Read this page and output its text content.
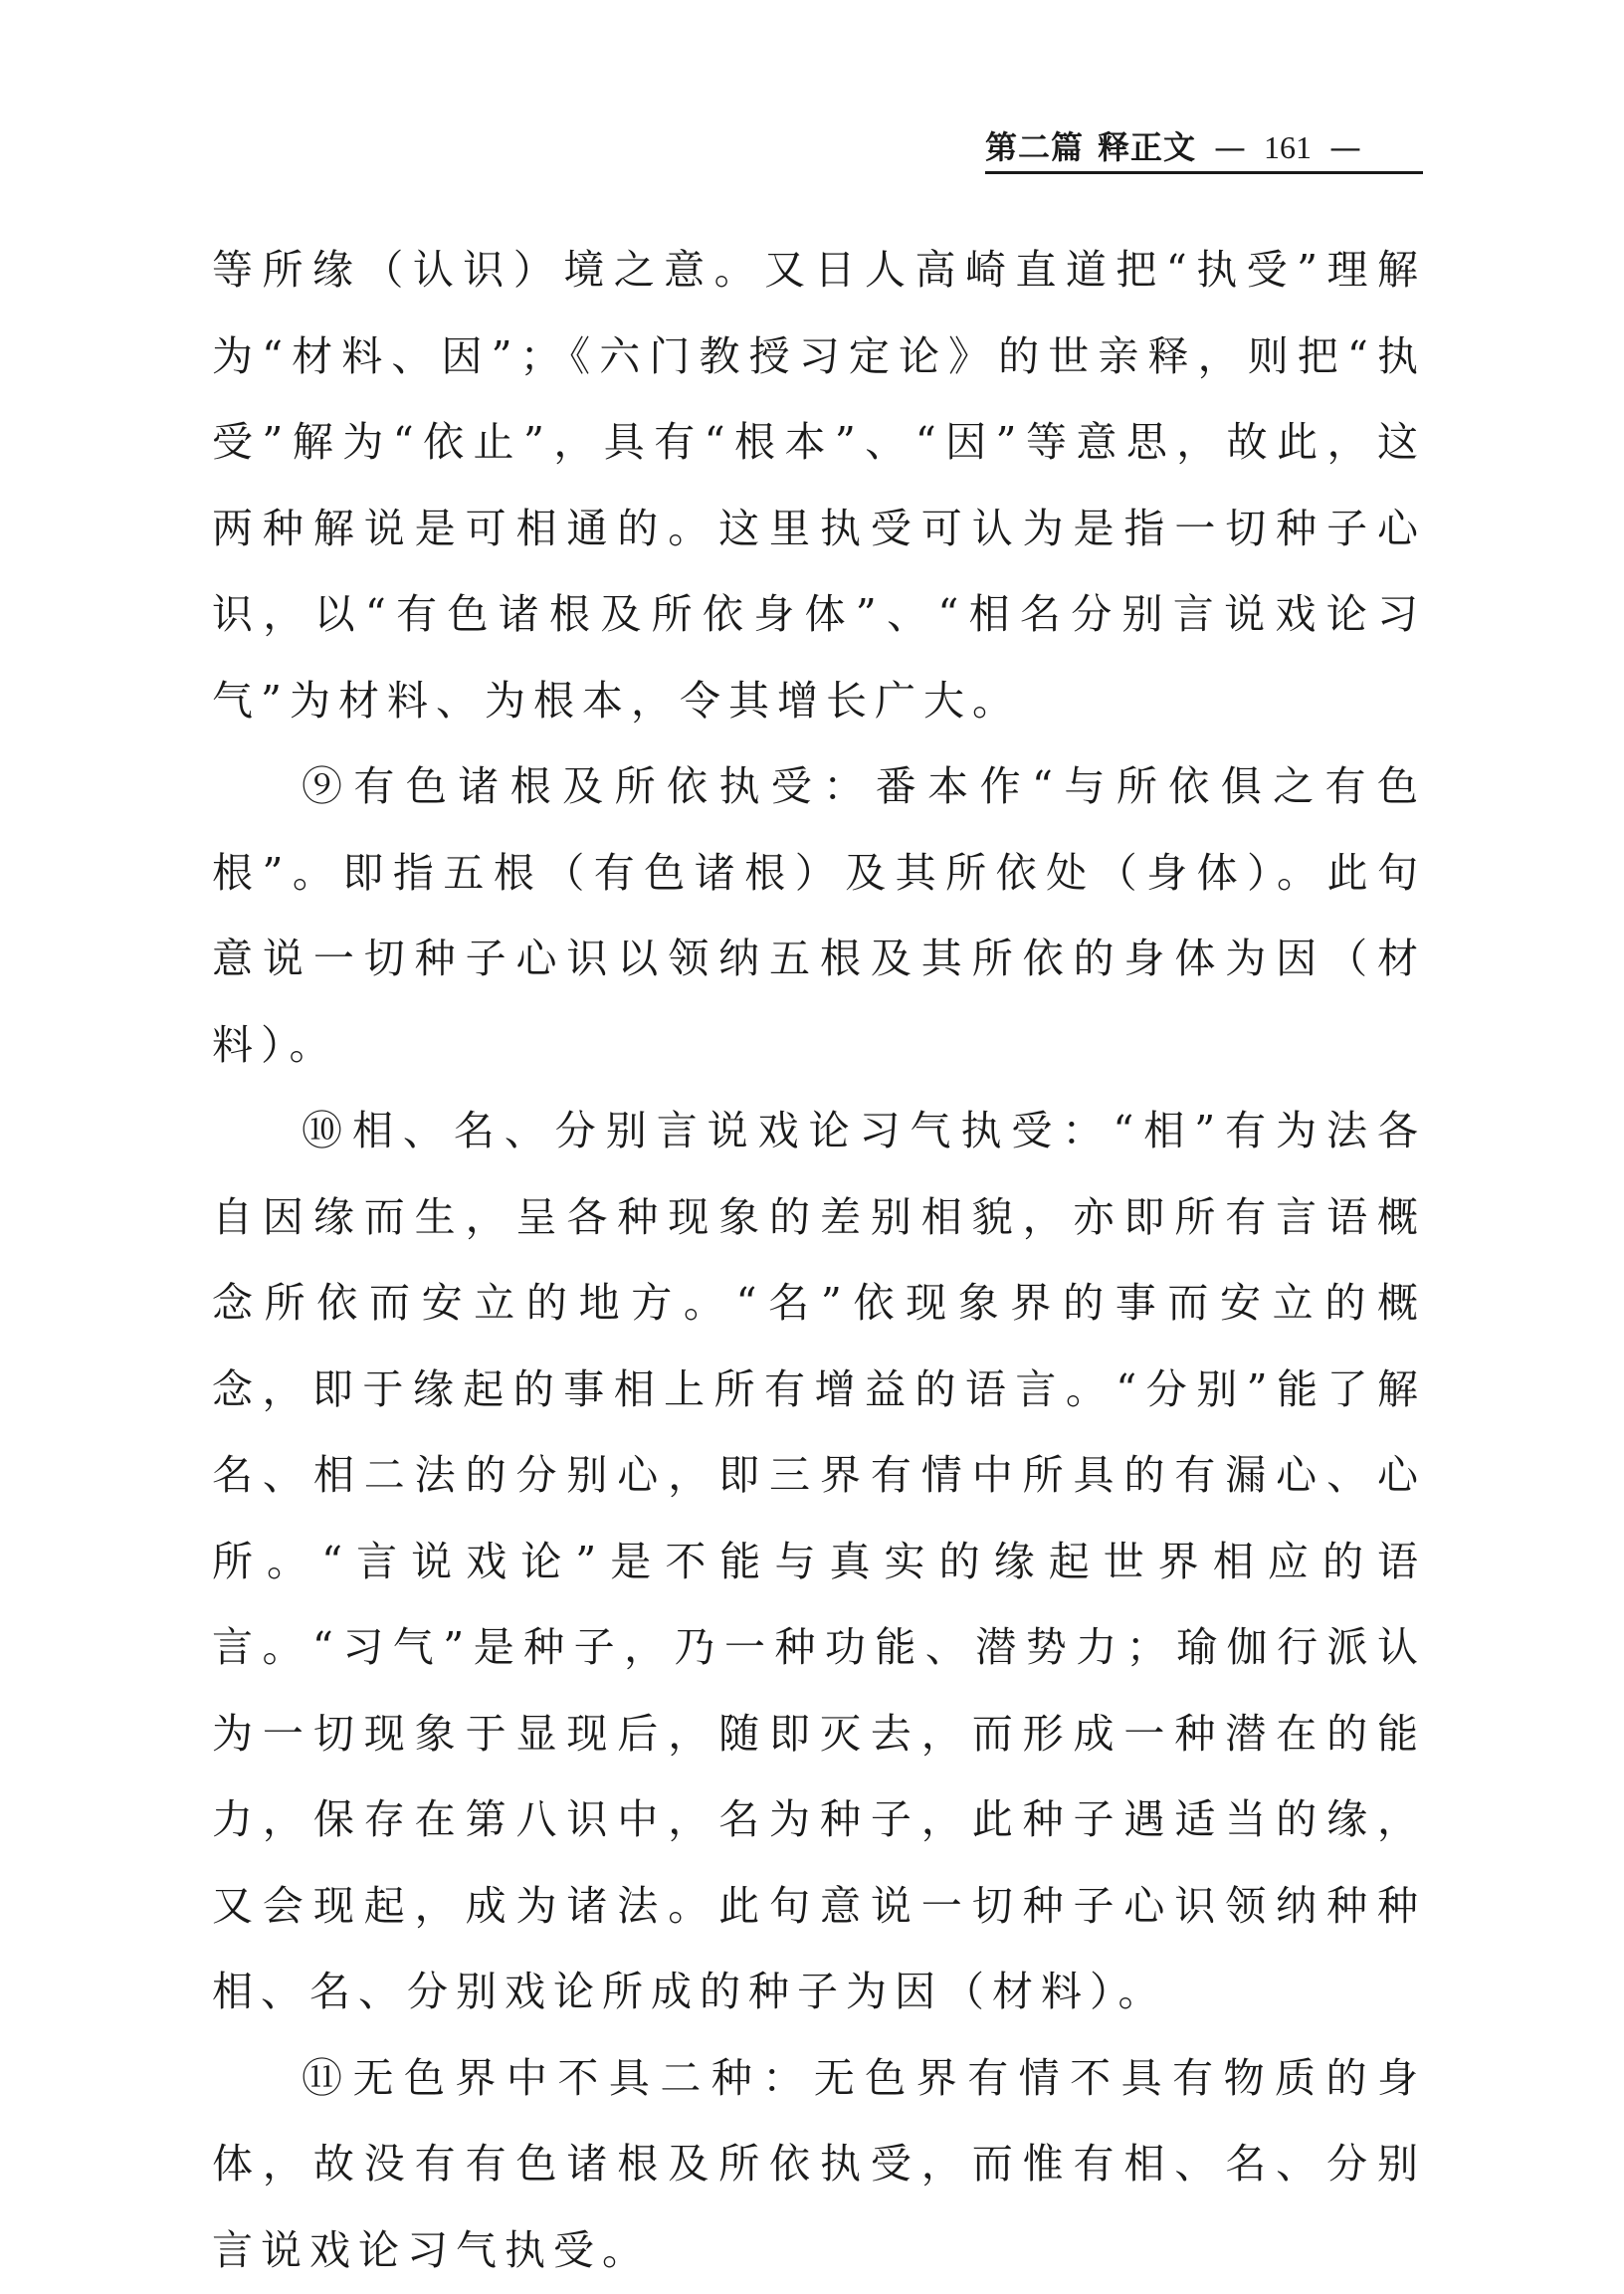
第二篇 释正文 — 161 —

等所缘（认识）境之意。又日人高崎直道把“执受”理解为“材料、因”；《六门教授习定论》的世亲释，则把“执受”解为“依止”，具有“根本”、“因”等意思，故此，这两种解说是可相通的。这里执受可认为是指一切种子心识，以“有色诸根及所依身体”、“相名分别言说戏论习气”为材料、为根本，令其增长广大。

⑨有色诸根及所依执受：番本作“与所依俱之有色根”。即指五根（有色诸根）及其所依处（身体）。此句意说一切种子心识以领纳五根及其所依的身体为因（材料）。

⑩相、名、分别言说戏论习气执受：“相”有为法各自因缘而生，呈各种现象的差别相貌，亦即所有言语概念所依而安立的地方。“名”依现象界的事而安立的概念，即于缘起的事相上所有增益的语言。“分别”能了解名、相二法的分别心，即三界有情中所具的有漏心、心所。“言说戏论”是不能与真实的缘起世界相应的语言。“习气”是种子，乃一种功能、潜势力；瑜伽行派认为一切现象于显现后，随即灭去，而形成一种潜在的能力，保存在第八识中，名为种子，此种子遇适当的缘，又会现起，成为诸法。此句意说一切种子心识领纳种种相、名、分别戏论所成的种子为因（材料）。

⑪无色界中不具二种：无色界有情不具有物质的身体，故没有有色诸根及所依执受，而惟有相、名、分别言说戏论习气执受。
